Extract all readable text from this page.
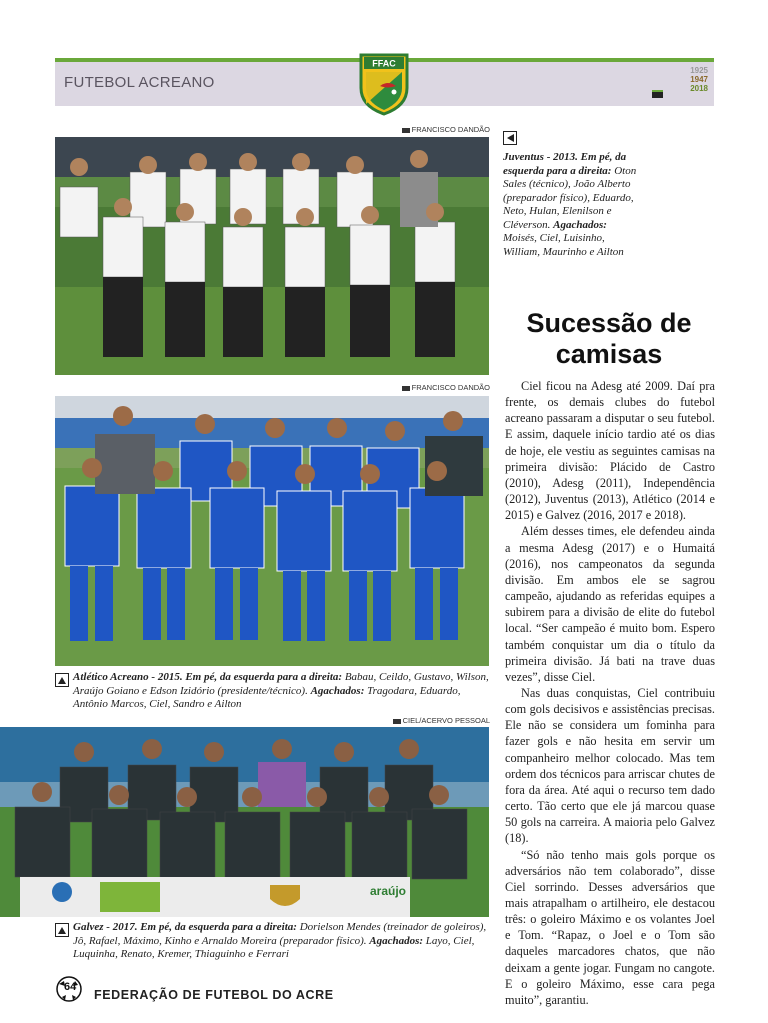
FUTEBOL ACREANO
1925
1947
2018
FFAC
FRANCISCO DANDÃO
Juventus - 2013. Em pé, da esquerda para a direita: Oton Sales (técnico), João Alberto (preparador físico), Eduardo, Neto, Hulan, Elenilson e Cléverson. Agachados: Moisés, Ciel, Luisinho, William, Maurinho e Ailton
FRANCISCO DANDÃO
Atlético Acreano - 2015. Em pé, da esquerda para a direita: Babau, Ceildo, Gustavo, Wilson, Araújo Goiano e Edson Izidório (presidente/técnico). Agachados: Tragodara, Eduardo, Antônio Marcos, Ciel, Sandro e Ailton
CIEL/ACERVO PESSOAL
araújo
Galvez - 2017. Em pé, da esquerda para a direita: Dorielson Mendes (treinador de goleiros), Jô, Rafael, Máximo, Kinho e Arnaldo Moreira (preparador físico). Agachados: Layo, Ciel, Luquinha, Renato, Kremer, Thiaguinho e Ferrari
Sucessão de camisas

Ciel ficou na Adesg até 2009. Daí pra frente, os demais clubes do futebol acreano passaram a disputar o seu futebol. E assim, daquele início tardio até os dias de hoje, ele vestiu as seguintes camisas na primeira divisão: Plácido de Castro (2010), Adesg (2011), Independência (2012), Juventus (2013), Atlético (2014 e 2015) e Galvez (2016, 2017 e 2018).

Além desses times, ele defendeu ainda a mesma Adesg (2017) e o Humaitá (2016), nos campeonatos da segunda divisão. Em ambos ele se sagrou campeão, ajudando as referidas equipes a subirem para a divisão de elite do futebol local. “Ser campeão é muito bom. Espero também conquistar um dia o título da primeira divisão. Já bati na trave duas vezes”, disse Ciel.

Nas duas conquistas, Ciel contribuiu com gols decisivos e assistências precisas. Ele não se considera um fominha para fazer gols e não hesita em servir um companheiro melhor colocado. Mas tem ordem dos técnicos para arriscar chutes de fora da área. Até aqui o recurso tem dado certo. Tão certo que ele já marcou quase 50 gols na carreira. A maioria pelo Galvez (18).

“Só não tenho mais gols porque os adversários não tem colaborado”, disse Ciel sorrindo. Desses adversários que mais atrapalham o artilheiro, ele destacou três: o goleiro Máximo e os volantes Joel e Tom. “Rapaz, o Joel e o Tom são daqueles marcadores chatos, que não deixam a gente jogar. Fungam no cangote. E o goleiro Máximo, esse cara pega muito”, garantiu.

64
FEDERAÇÃO DE FUTEBOL DO ACRE
